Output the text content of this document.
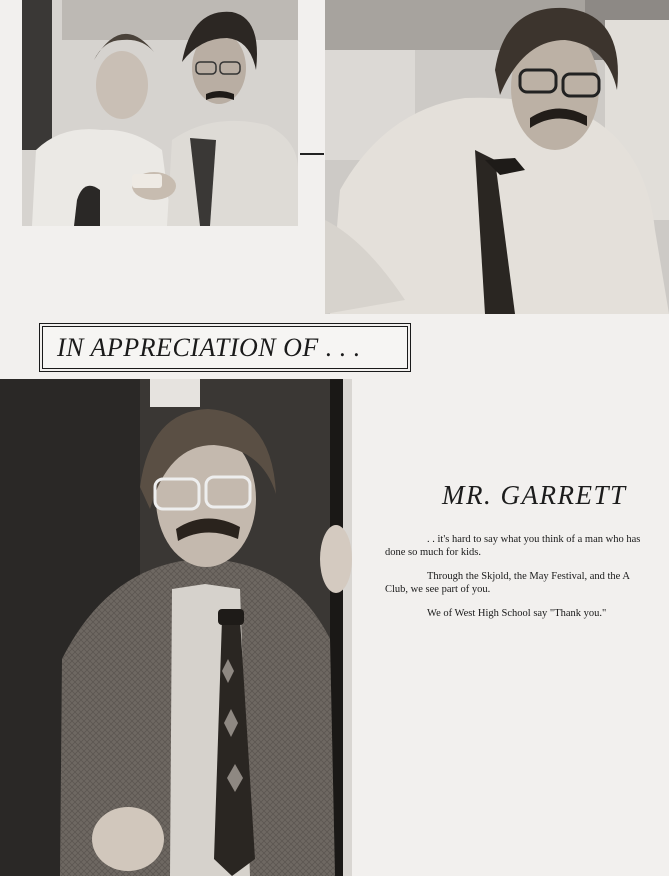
IN APPRECIATION OF . . .
MR. GARRETT
. . it's hard to say what you think of a man who has
done so much for kids.
Through the Skjold, the May Festival, and the A
Club, we see part of you.
We of West High School say "Thank you."
